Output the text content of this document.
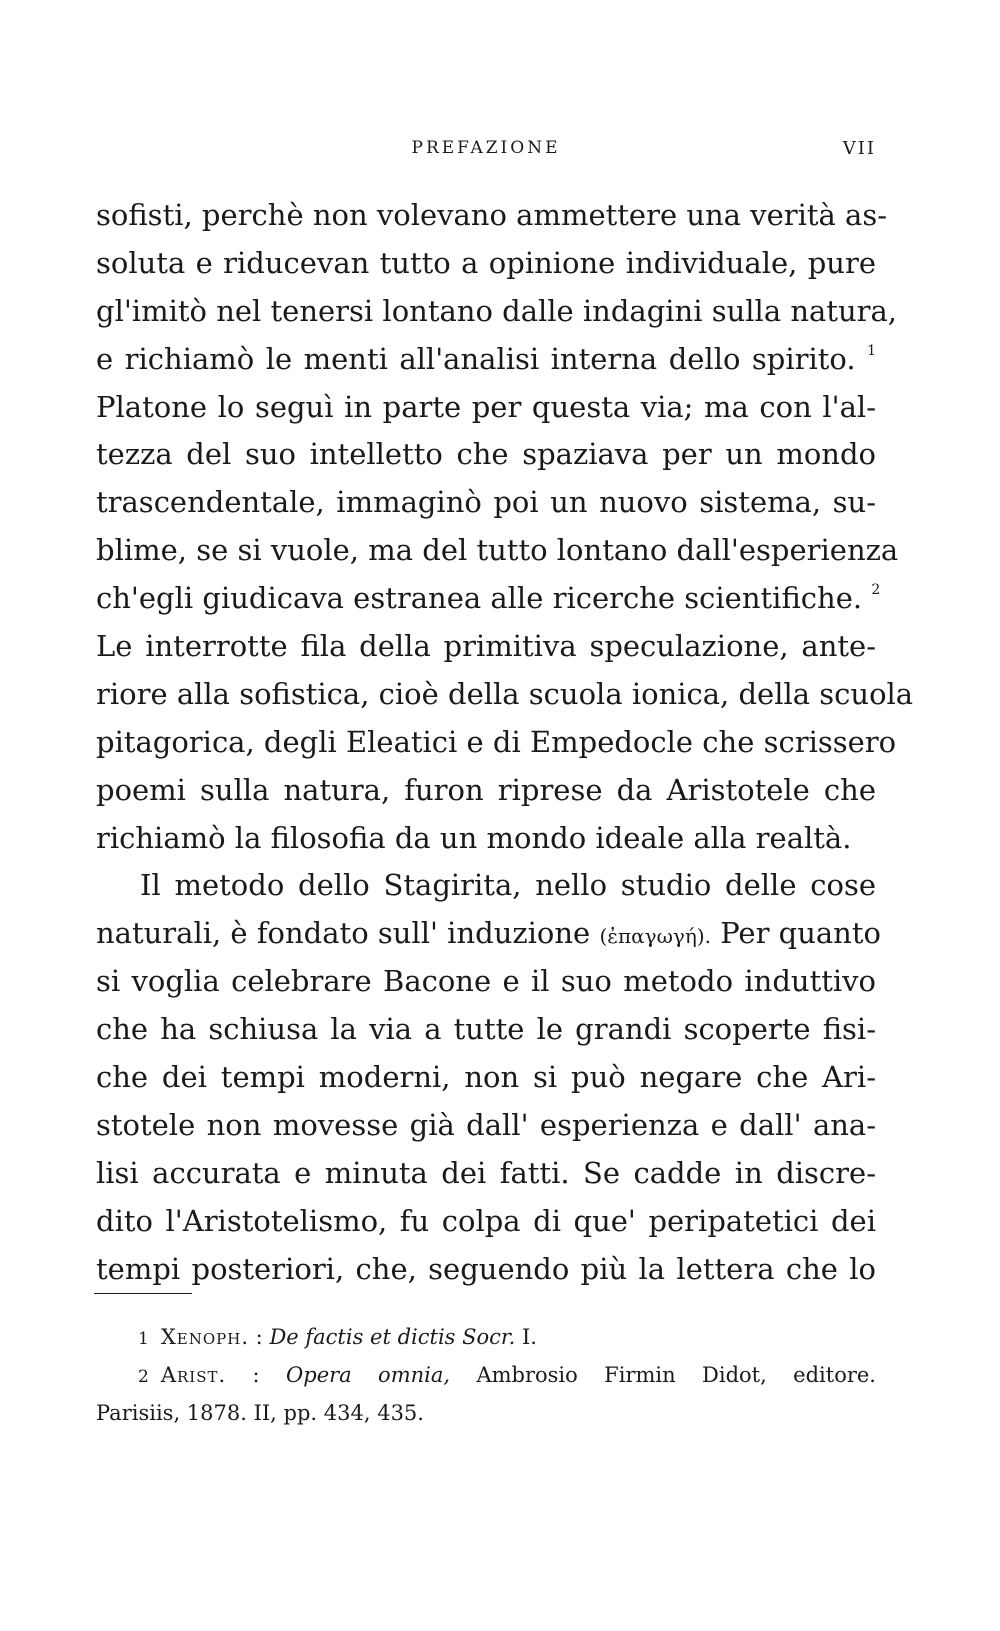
PREFAZIONE	VII
sofisti, perchè non volevano ammettere una verità as-
soluta e riducevan tutto a opinione individuale, pure
gl'imitò nel tenersi lontano dalle indagini sulla natura,
e richiamò le menti all'analisi interna dello spirito. $^1$
Platone lo seguì in parte per questa via; ma con l'al-
tezza del suo intelletto che spaziava per un mondo
trascendentale, immaginò poi un nuovo sistema, su-
blime, se si vuole, ma del tutto lontano dall'esperienza
ch'egli giudicava estranea alle ricerche scientifiche. $^2$
Le interrotte fila della primitiva speculazione, ante-
riore alla sofistica, cioè della scuola ionica, della scuola
pitagorica, degli Eleatici e di Empedocle che scrissero
poemi sulla natura, furon riprese da Aristotele che
richiamò la filosofia da un mondo ideale alla realtà.
Il metodo dello Stagirita, nello studio delle cose
naturali, è fondato sull' induzione (ἐπαγωγή). Per quanto
si voglia celebrare Bacone e il suo metodo induttivo
che ha schiusa la via a tutte le grandi scoperte fisi-
che dei tempi moderni, non si può negare che Ari-
stotele non movesse già dall' esperienza e dall' ana-
lisi accurata e minuta dei fatti. Se cadde in discre-
dito l'Aristotelismo, fu colpa di que' peripatetici dei
tempi posteriori, che, seguendo più la lettera che lo
1 Xenoph. : De factis et dictis Socr. I.
2 Arist. : Opera omnia, Ambrosio Firmin Didot, editore.
Parisiis, 1878. II, pp. 434, 435.
